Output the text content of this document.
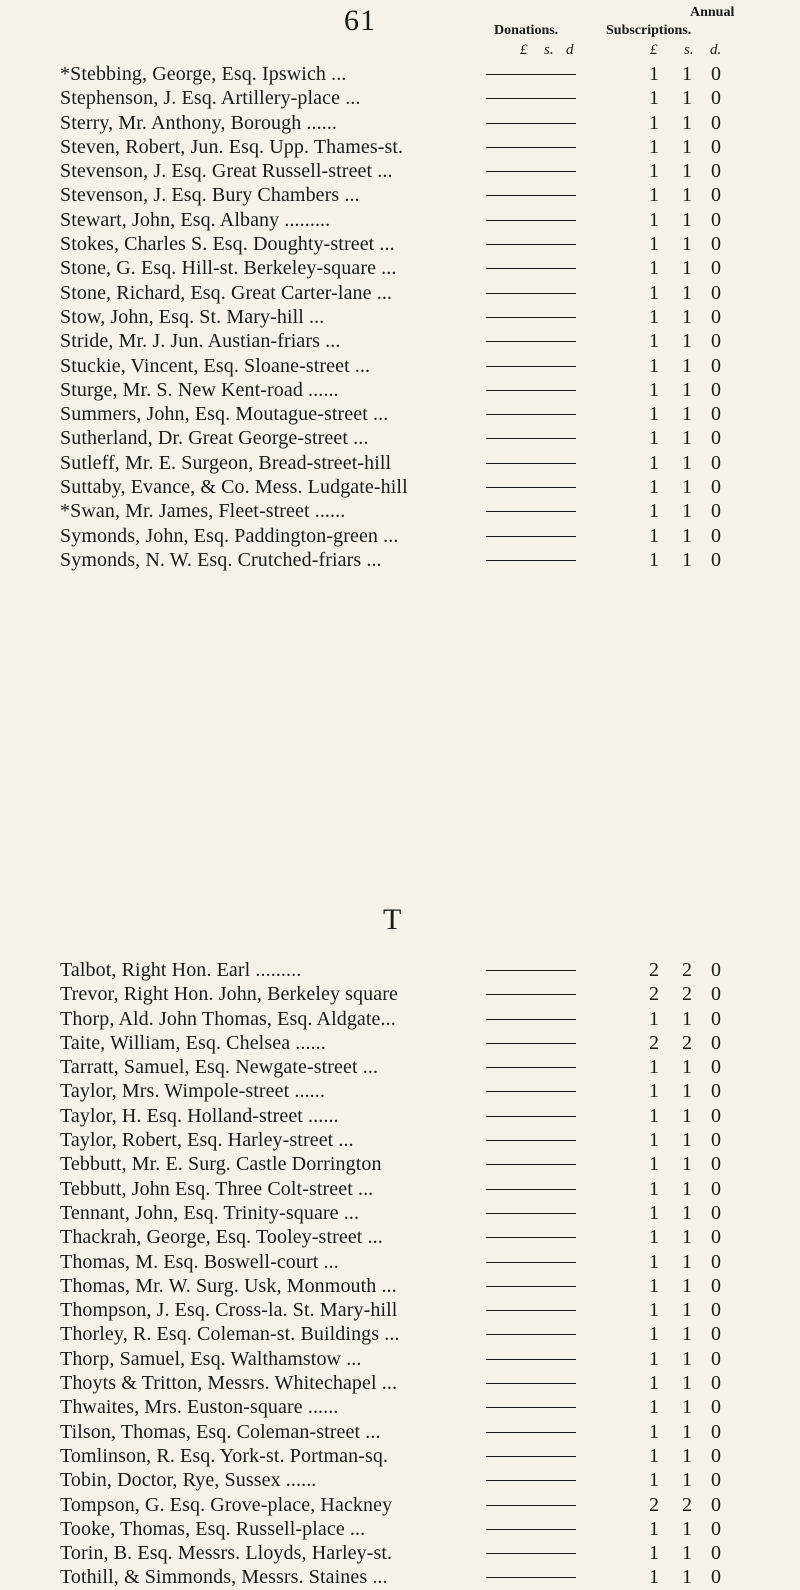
61	Annual
Donations.	Subscriptions.
£ s. d	£ s. d.
*Stebbing, George, Esq. Ipswich ...	1	1 0
Stephenson, J. Esq. Artillery-place ...	1	1 0
Sterry, Mr. Anthony, Borough ......	1	1 0
Steven, Robert, Jun. Esq. Upp. Thames-st.	1	1 0
Stevenson, J. Esq. Great Russell-street ...	1	1 0
Stevenson, J. Esq. Bury Chambers ...	1	1 0
Stewart, John, Esq. Albany .........	1	1 0
Stokes, Charles S. Esq. Doughty-street ...	1	1 0
Stone, G. Esq. Hill-st. Berkeley-square ...	1	1 0
Stone, Richard, Esq. Great Carter-lane ...	1	1 0
Stow, John, Esq. St. Mary-hill ...	1	1 0
Stride, Mr. J. Jun. Austian-friars ...	1	1 0
Stuckie, Vincent, Esq. Sloane-street ...	1	1 0
Sturge, Mr. S. New Kent-road ......	1	1 0
Summers, John, Esq. Moutague-street ...	1	1 0
Sutherland, Dr. Great George-street ...	1	1 0
Sutleff, Mr. E. Surgeon, Bread-street-hill	1	1 0
Suttaby, Evance, & Co. Mess. Ludgate-hill	1	1 0
*Swan, Mr. James, Fleet-street ......	1	1 0
Symonds, John, Esq. Paddington-green ...	1	1 0
Symonds, N. W. Esq. Crutched-friars ...	1	1 0
T
Talbot, Right Hon. Earl .........	2	2 0
Trevor, Right Hon. John, Berkeley square	2	2 0
Thorp, Ald. John Thomas, Esq. Aldgate...	1	1 0
Taite, William, Esq. Chelsea ......	2	2 0
Tarratt, Samuel, Esq. Newgate-street ...	1	1 0
Taylor, Mrs. Wimpole-street ......	1	1 0
Taylor, H. Esq. Holland-street ......	1	1 0
Taylor, Robert, Esq. Harley-street ...	1	1 0
Tebbutt, Mr. E. Surg. Castle Dorrington	1	1 0
Tebbutt, John Esq. Three Colt-street ...	1	1 0
Tennant, John, Esq. Trinity-square ...	1	1 0
Thackrah, George, Esq. Tooley-street ...	1	1 0
Thomas, M. Esq. Boswell-court ...	1	1 0
Thomas, Mr. W. Surg. Usk, Monmouth ...	1	1 0
Thompson, J. Esq. Cross-la. St. Mary-hill	1	1 0
Thorley, R. Esq. Coleman-st. Buildings ...	1	1 0
Thorp, Samuel, Esq. Walthamstow ...	1	1 0
Thoyts & Tritton, Messrs. Whitechapel ...	1	1 0
Thwaites, Mrs. Euston-square ......	1	1 0
Tilson, Thomas, Esq. Coleman-street ...	1	1 0
Tomlinson, R. Esq. York-st. Portman-sq.	1	1 0
Tobin, Doctor, Rye, Sussex ......	1	1 0
Tompson, G. Esq. Grove-place, Hackney	2	2 0
Tooke, Thomas, Esq. Russell-place ...	1	1 0
Torin, B. Esq. Messrs. Lloyds, Harley-st.	1	1 0
Tothill, & Simmonds, Messrs. Staines ...	1	1 0
